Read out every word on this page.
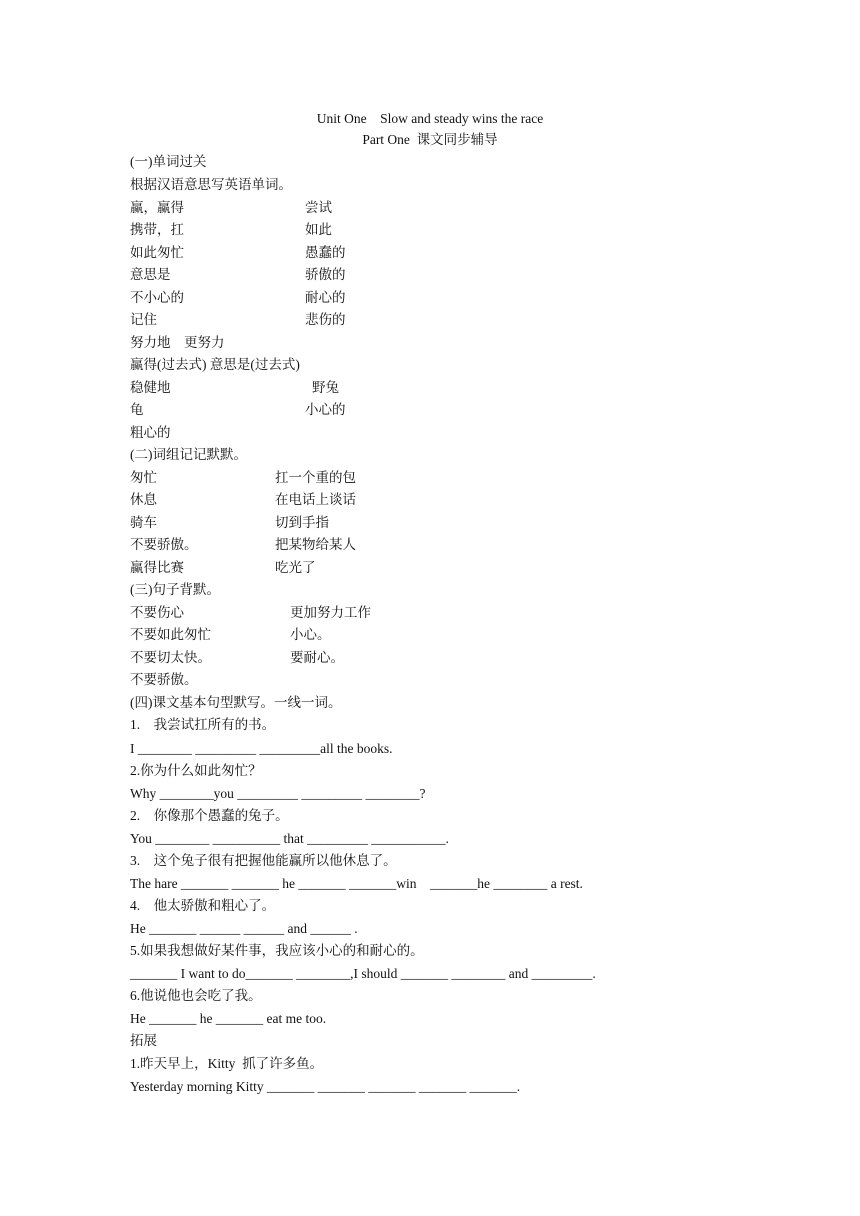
Unit One    Slow and steady wins the race
Part One  课文同步辅导
(一)单词过关
根据汉语意思写英语单词。
赢，赢得	尝试
携带，扛	如此
如此匆忙	愚蠢的
意思是	骄傲的
不小心的	耐心的
记住	悲伤的
努力地    更努力
赢得(过去式) 意思是(过去式)
稳健地	野兔
龟	小心的
粗心的
(二)词组记记默默。
匆忙	扛一个重的包
休息	在电话上谈话
骑车	切到手指
不要骄傲。	把某物给某人
赢得比赛	吃光了
(三)句子背默。
不要伤心	更加努力工作
不要如此匆忙	小心。
不要切太快。	要耐心。
不要骄傲。
(四)课文基本句型默写。一线一词。
1.    我尝试扛所有的书。
I ________ _________ _________all the books.
2.你为什么如此匆忙？
Why ________you _________ _________ ________?
2.    你像那个愚蠢的兔子。
You ________ __________ that _________ ___________.
3.    这个兔子很有把握他能赢所以他休息了。
The hare _______ _______ he _______ _______win    _______he ________ a rest.
4.    他太骄傲和粗心了。
He _______ ______ ______ and ______ .
5.如果我想做好某件事，我应该小心的和耐心的。
_______ I want to do_______ ________,I should _______ ________ and _________.
6.他说他也会吃了我。
He _______ he _______ eat me too.
拓展
1.昨天早上，Kitty  抓了许多鱼。
Yesterday morning Kitty _______ _______ _______ _______ _______.
